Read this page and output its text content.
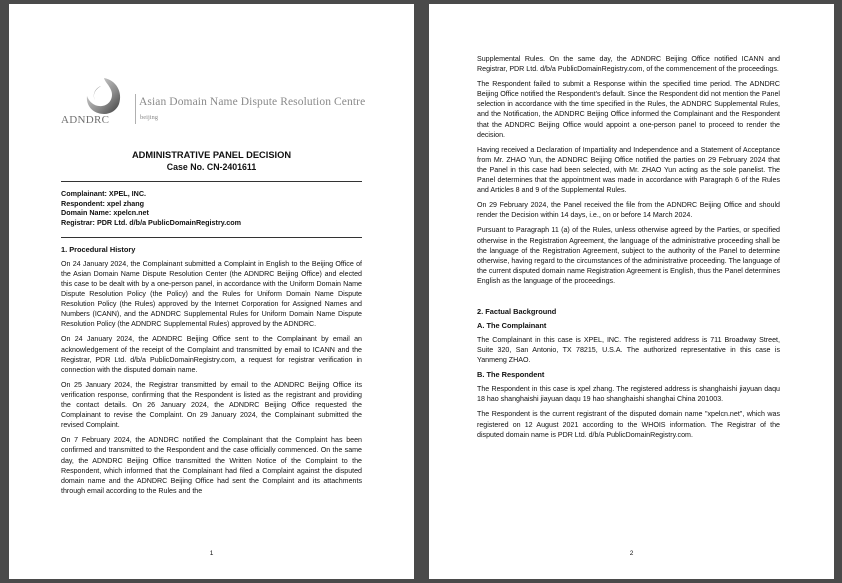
ADNDRC
Asian Domain Name Dispute Resolution Centre
beijing
ADMINISTRATIVE PANEL DECISION
Case No. CN-2401611
Complainant: XPEL, INC.
Respondent: xpel zhang
Domain Name: xpelcn.net
Registrar: PDR Ltd. d/b/a PublicDomainRegistry.com
1. Procedural History

On 24 January 2024, the Complainant submitted a Complaint in English to the Beijing Office of the Asian Domain Name Dispute Resolution Center (the ADNDRC Beijing Office) and elected this case to be dealt with by a one-person panel, in accordance with the Uniform Domain Name Dispute Resolution Policy (the Policy) and the Rules for Uniform Domain Name Dispute Resolution Policy (the Rules) approved by the Internet Corporation for Assigned Names and Numbers (ICANN), and the ADNDRC Supplemental Rules for Uniform Domain Name Dispute Resolution Policy (the ADNDRC Supplemental Rules) approved by the ADNDRC.

On 24 January 2024, the ADNDRC Beijing Office sent to the Complainant by email an acknowledgement of the receipt of the Complaint and transmitted by email to ICANN and the Registrar, PDR Ltd. d/b/a PublicDomainRegistry.com, a request for registrar verification in connection with the disputed domain name.

On 25 January 2024, the Registrar transmitted by email to the ADNDRC Beijing Office its verification response, confirming that the Respondent is listed as the registrant and providing the contact details. On 26 January 2024, the ADNDRC Beijing Office requested the Complainant to revise the Complaint. On 29 January 2024, the Complainant submitted the revised Complaint.

On 7 February 2024, the ADNDRC notified the Complainant that the Complaint has been confirmed and transmitted to the Respondent and the case officially commenced. On the same day, the ADNDRC Beijing Office transmitted the Written Notice of the Complaint to the Respondent, which informed that the Complainant had filed a Complaint against the disputed domain name and the ADNDRC Beijing Office had sent the Complaint and its attachments through email according to the Rules and the

1

Supplemental Rules. On the same day, the ADNDRC Beijing Office notified ICANN and Registrar, PDR Ltd. d/b/a PublicDomainRegistry.com, of the commencement of the proceedings.

The Respondent failed to submit a Response within the specified time period. The ADNDRC Beijing Office notified the Respondent's default. Since the Respondent did not mention the Panel selection in accordance with the time specified in the Rules, the ADNDRC Supplemental Rules, and the Notification, the ADNDRC Beijing Office informed the Complainant and the Respondent that the ADNDRC Beijing Office would appoint a one-person panel to proceed to render the decision.

Having received a Declaration of Impartiality and Independence and a Statement of Acceptance from Mr. ZHAO Yun, the ADNDRC Beijing Office notified the parties on 29 February 2024 that the Panel in this case had been selected, with Mr. ZHAO Yun acting as the sole panelist. The Panel determines that the appointment was made in accordance with Paragraph 6 of the Rules and Articles 8 and 9 of the Supplemental Rules.

On 29 February 2024, the Panel received the file from the ADNDRC Beijing Office and should render the Decision within 14 days, i.e., on or before 14 March 2024.

Pursuant to Paragraph 11 (a) of the Rules, unless otherwise agreed by the Parties, or specified otherwise in the Registration Agreement, the language of the administrative proceeding shall be the language of the Registration Agreement, subject to the authority of the Panel to determine otherwise, having regard to the circumstances of the administrative proceeding. The language of the current disputed domain name Registration Agreement is English, thus the Panel determines English as the language of the proceedings.

2. Factual Background
A. The Complainant

The Complainant in this case is XPEL, INC. The registered address is 711 Broadway Street, Suite 320, San Antonio, TX 78215, U.S.A. The authorized representative in this case is Yanmeng ZHAO.

B. The Respondent

The Respondent in this case is xpel zhang. The registered address is shanghaishi jiayuan daqu 18 hao shanghaishi jiayuan daqu 19 hao shanghaishi shanghai China 201003.

The Respondent is the current registrant of the disputed domain name "xpelcn.net", which was registered on 12 August 2021 according to the WHOIS information. The Registrar of the disputed domain name is PDR Ltd. d/b/a PublicDomainRegistry.com.

2
